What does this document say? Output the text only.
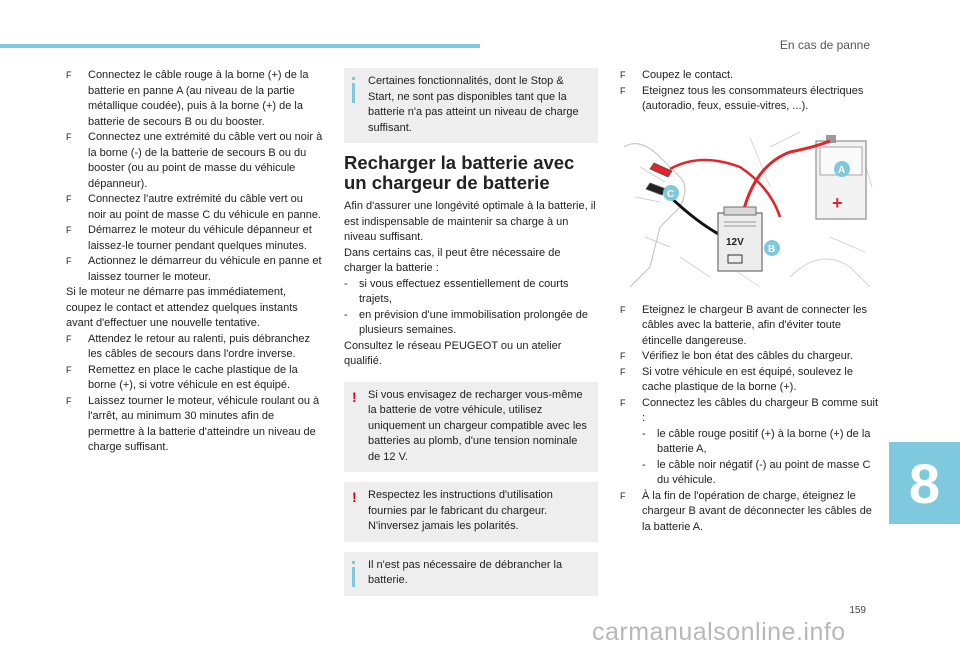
En cas de panne
F Connectez le câble rouge à la borne (+) de la batterie en panne A (au niveau de la partie métallique coudée), puis à la borne (+) de la batterie de secours B ou du booster.
F Connectez une extrémité du câble vert ou noir à la borne (-) de la batterie de secours B ou du booster (ou au point de masse du véhicule dépanneur).
F Connectez l'autre extrémité du câble vert ou noir au point de masse C du véhicule en panne.
F Démarrez le moteur du véhicule dépanneur et laissez-le tourner pendant quelques minutes.
F Actionnez le démarreur du véhicule en panne et laissez tourner le moteur.

Si le moteur ne démarre pas immédiatement, coupez le contact et attendez quelques instants avant d'effectuer une nouvelle tentative.

F Attendez le retour au ralenti, puis débranchez les câbles de secours dans l'ordre inverse.
F Remettez en place le cache plastique de la borne (+), si votre véhicule en est équipé.
F Laissez tourner le moteur, véhicule roulant ou à l'arrêt, au minimum 30 minutes afin de permettre à la batterie d'atteindre un niveau de charge suffisant.
Certaines fonctionnalités, dont le Stop & Start, ne sont pas disponibles tant que la batterie n'a pas atteint un niveau de charge suffisant.
Recharger la batterie avec un chargeur de batterie

Afin d'assurer une longévité optimale à la batterie, il est indispensable de maintenir sa charge à un niveau suffisant.

Dans certains cas, il peut être nécessaire de charger la batterie :

- si vous effectuez essentiellement de courts trajets,
- en prévision d'une immobilisation prolongée de plusieurs semaines.

Consultez le réseau PEUGEOT ou un atelier qualifié.

! Si vous envisagez de recharger vous-même la batterie de votre véhicule, utilisez uniquement un chargeur compatible avec les batteries au plomb, d'une tension nominale de 12 V.
! Respectez les instructions d'utilisation fournies par le fabricant du chargeur. N'inversez jamais les polarités.
Il n'est pas nécessaire de débrancher la batterie.
F Coupez le contact.
F Eteignez tous les consommateurs électriques (autoradio, feux, essuie-vitres, ...).
+
12V
A
B
C
F Eteignez le chargeur B avant de connecter les câbles avec la batterie, afin d'éviter toute étincelle dangereuse.
F Vérifiez le bon état des câbles du chargeur.
F Si votre véhicule en est équipé, soulevez le cache plastique de la borne (+).
F Connectez les câbles du chargeur B comme suit :
-	le câble rouge positif (+) à la borne (+) de la batterie A,
-	le câble noir négatif (-) au point de masse C du véhicule.
F À la fin de l'opération de charge, éteignez le chargeur B avant de déconnecter les câbles de la batterie A.
8
159
carmanualsonline.info
